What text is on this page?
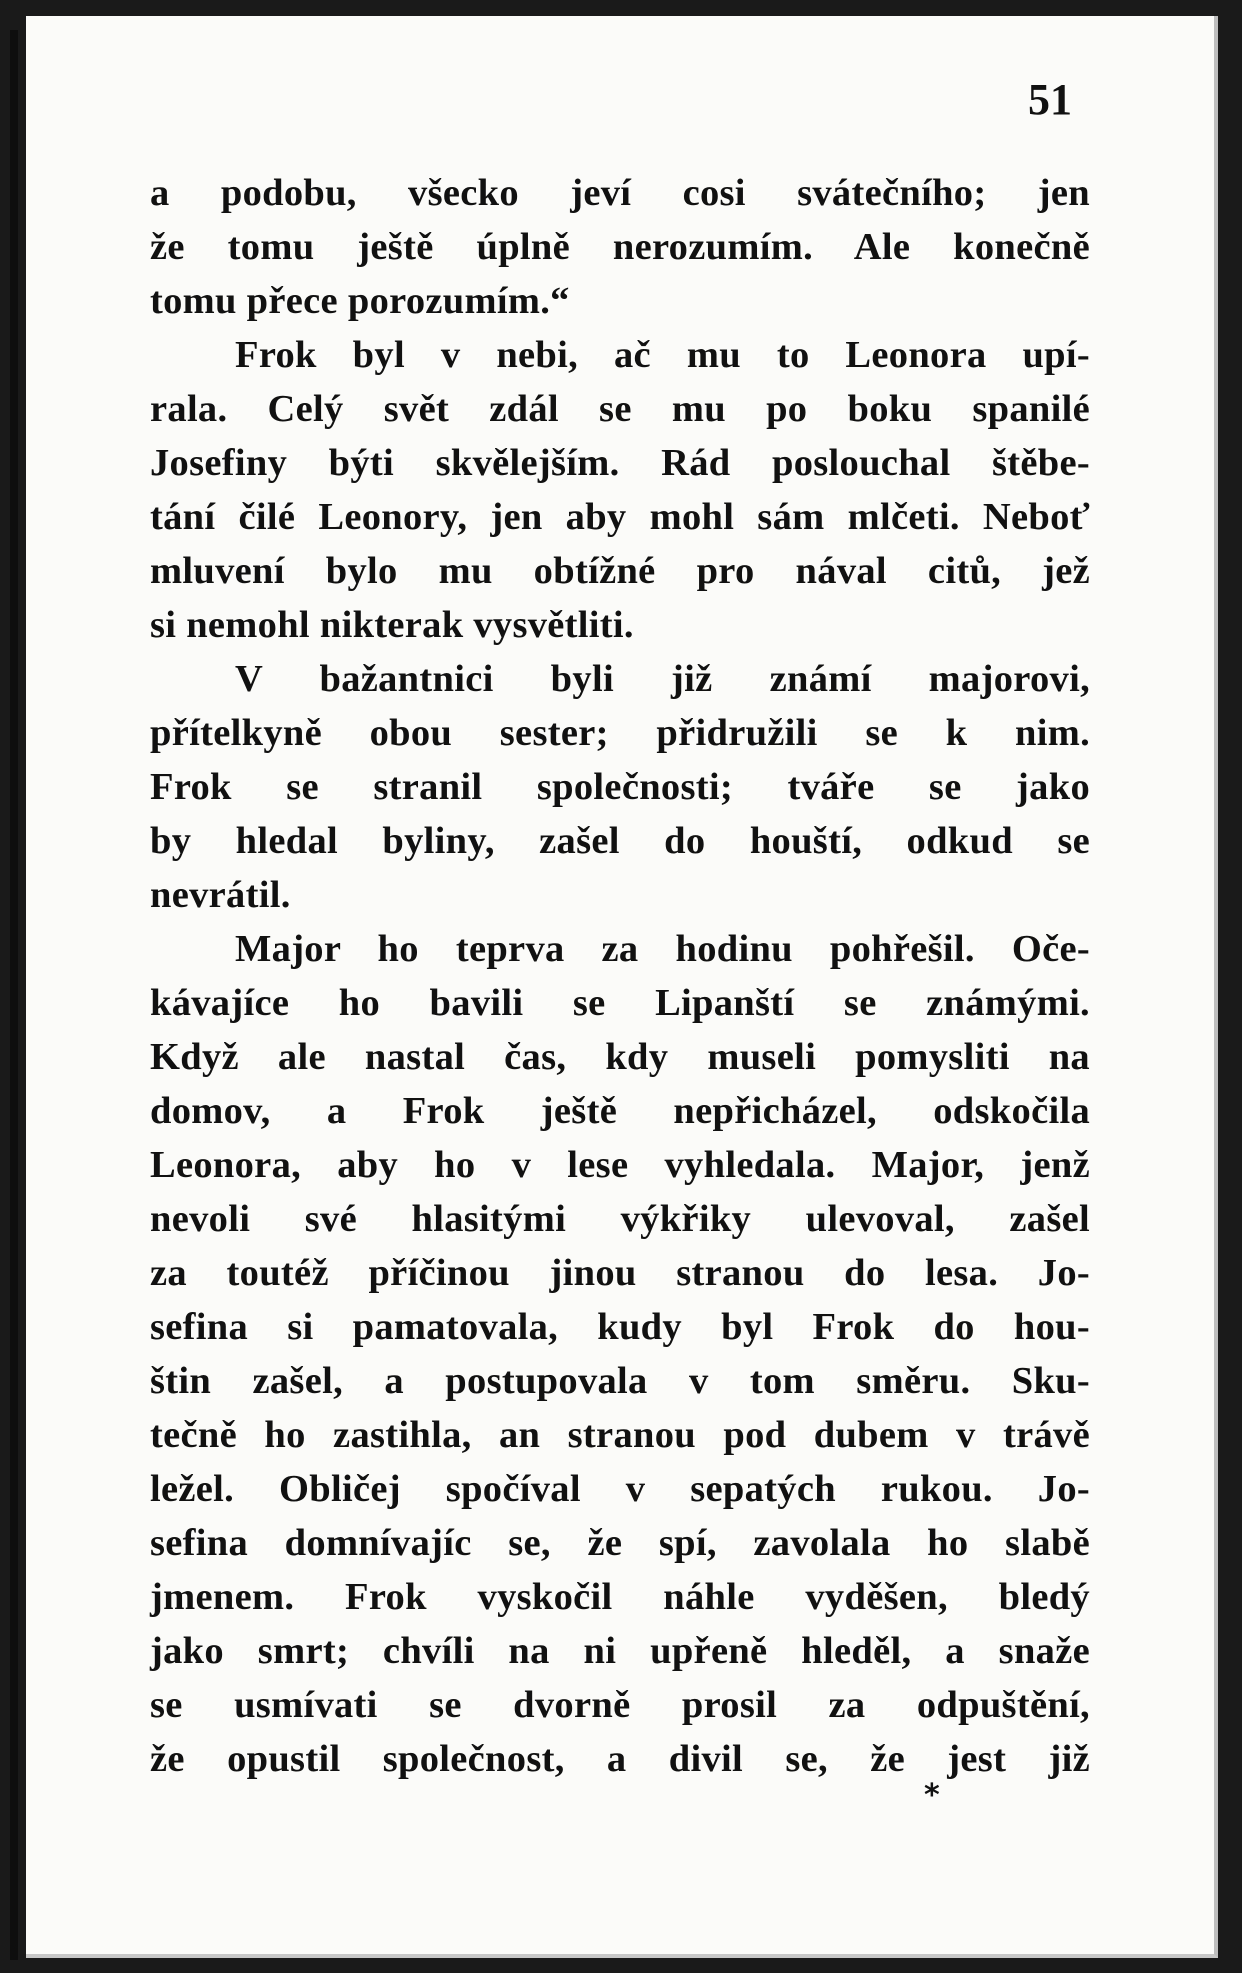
51

a podobu, všecko jeví cosi svátečního; jen
že tomu ještě úplně nerozumím. Ale konečně
tomu přece porozumím.“
Frok byl v nebi, ač mu to Leonora upí-
rala. Celý svět zdál se mu po boku spanilé
Josefiny býti skvělejším. Rád poslouchal štěbe-
tání čilé Leonory, jen aby mohl sám mlčeti. Neboť
mluvení bylo mu obtížné pro nával citů, jež
si nemohl nikterak vysvětliti.
V bažantnici byli již známí majorovi,
přítelkyně obou sester; přidružili se k nim.
Frok se stranil společnosti; tváře se jako
by hledal byliny, zašel do houští, odkud se
nevrátil.
Major ho teprva za hodinu pohřešil. Oče-
kávajíce ho bavili se Lipanští se známými.
Když ale nastal čas, kdy museli pomysliti na
domov, a Frok ještě nepřicházel, odskočila
Leonora, aby ho v lese vyhledala. Major, jenž
nevoli své hlasitými výkřiky ulevoval, zašel
za toutéž příčinou jinou stranou do lesa. Jo-
sefina si pamatovala, kudy byl Frok do hou-
štin zašel, a postupovala v tom směru. Sku-
tečně ho zastihla, an stranou pod dubem v trávě
ležel. Obličej spočíval v sepatých rukou. Jo-
sefina domnívajíc se, že spí, zavolala ho slabě
jmenem. Frok vyskočil náhle vyděšen, bledý
jako smrt; chvíli na ni upřeně hleděl, a snaže
se usmívati se dvorně prosil za odpuštění,
že opustil společnost, a divil se, že jest již

*
